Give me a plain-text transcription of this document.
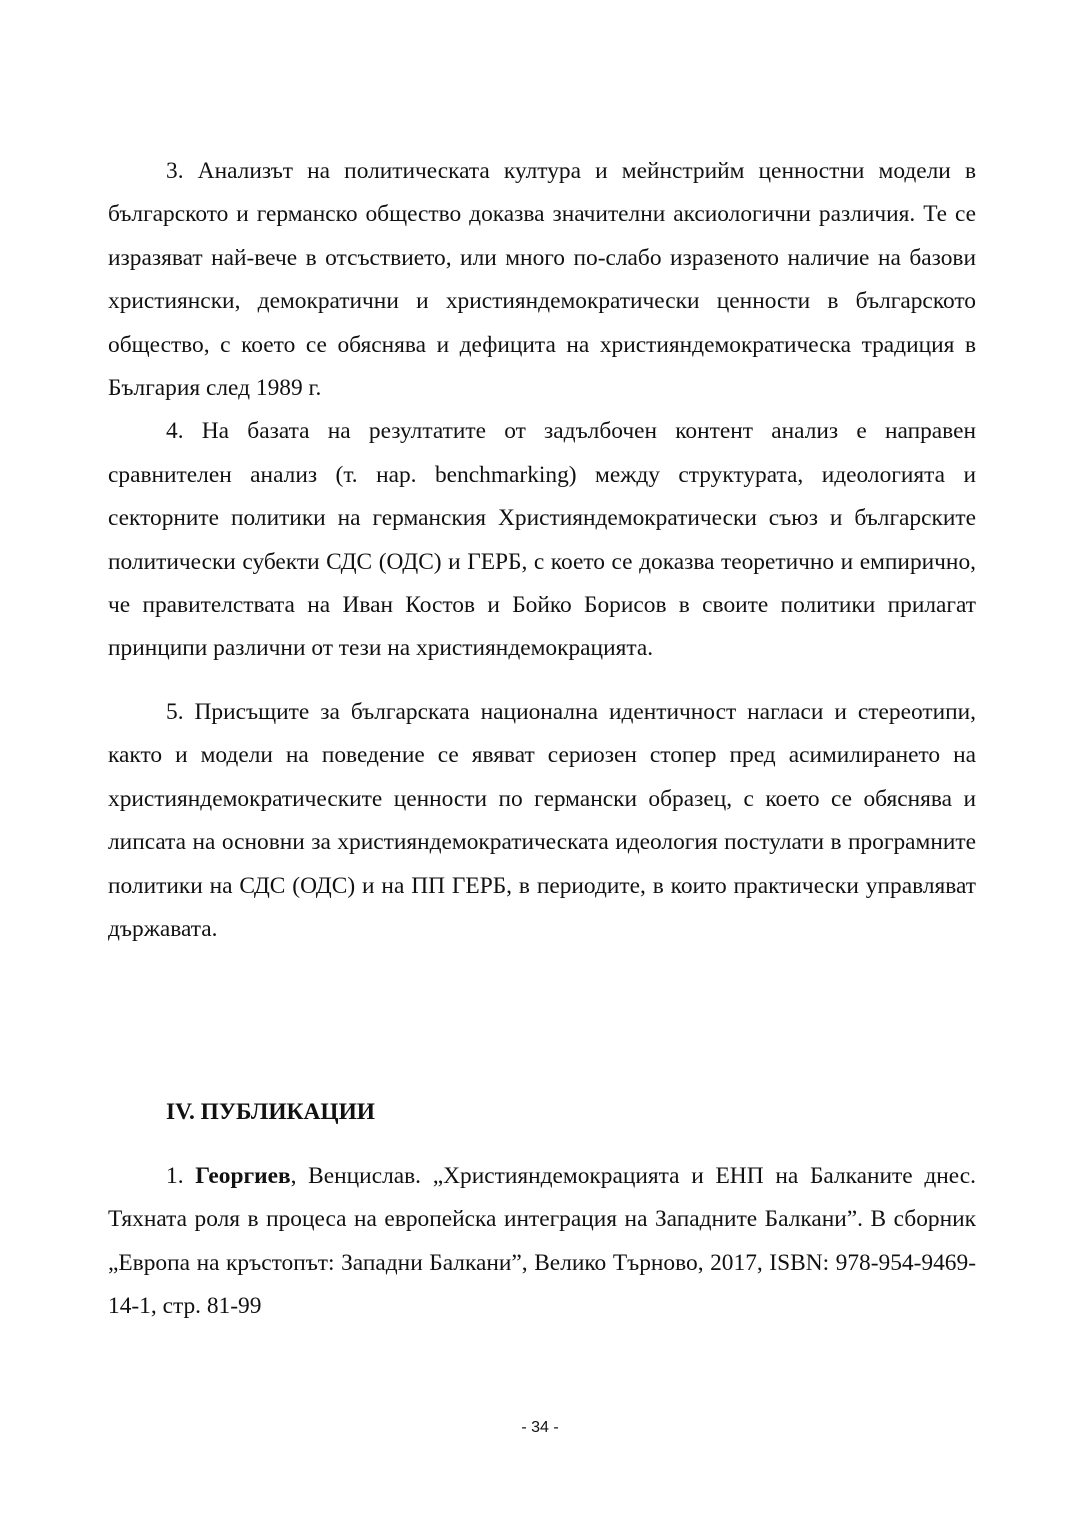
3. Анализът на политическата култура и мейнстрийм ценностни модели в българското и германско общество доказва значителни аксиологични различия. Те се изразяват най-вече в отсъствието, или много по-слабо изразеното наличие на базови християнски, демократични и християндемократически ценности в българското общество, с което се обяснява и дефицита на християндемократическа традиция в България след 1989 г.

4. На базата на резултатите от задълбочен контент анализ е направен сравнителен анализ (т. нар. benchmarking) между структурата, идеологията и секторните политики на германския Християндемократически съюз и българските политически субекти СДС (ОДС) и ГЕРБ, с което се доказва теоретично и емпирично, че правителствата на Иван Костов и Бойко Борисов в своите политики прилагат принципи различни от тези на християндемокрацията.

5. Присъщите за българската национална идентичност нагласи и стереотипи, както и модели на поведение се явяват сериозен стопер пред асимилирането на християндемократическите ценности по германски образец, с което се обяснява и липсата на основни за християндемократическата идеология постулати в програмните политики на СДС (ОДС) и на ПП ГЕРБ, в периодите, в които практически управляват държавата.

IV. ПУБЛИКАЦИИ

1. Георгиев, Венцислав. „Християндемокрацията и ЕНП на Балканите днес. Тяхната роля в процеса на европейска интеграция на Западните Балкани”. В сборник „Европа на кръстопът: Западни Балкани”, Велико Търново, 2017, ISBN: 978-954-9469-14-1, стр. 81-99

- 34 -
